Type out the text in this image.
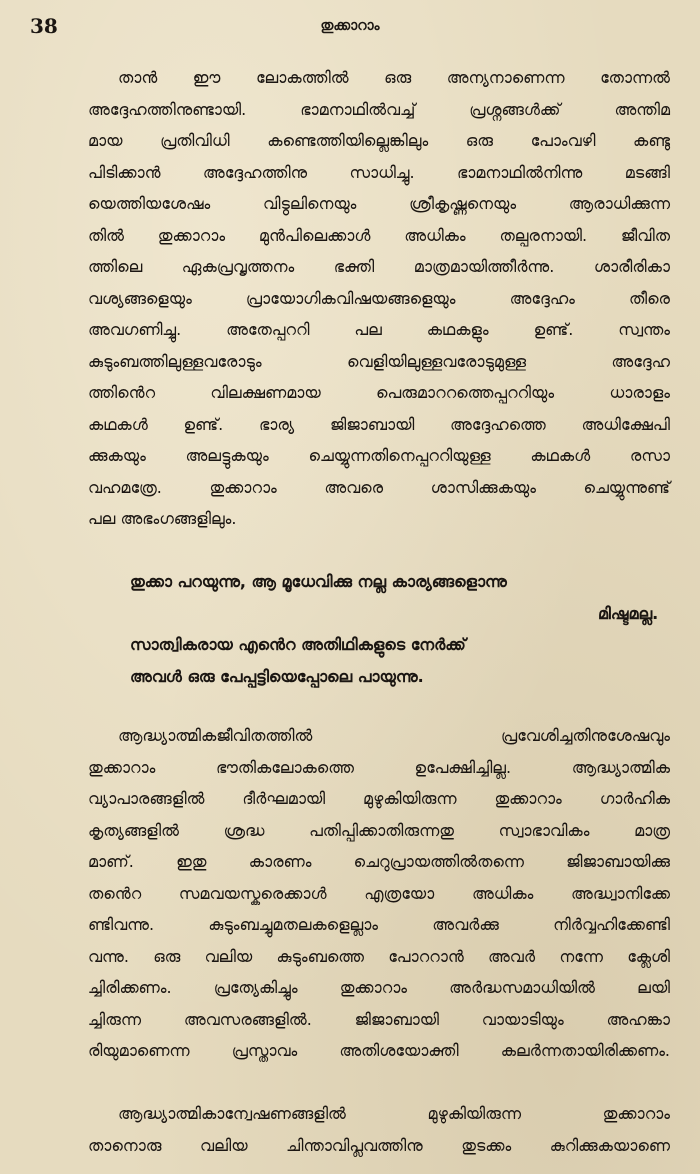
38	തുക്കാറാം
താൻ ഈ ലോകത്തിൽ ഒരു അന്യനാണെന്ന തോന്നൽ
അദ്ദേഹത്തിനുണ്ടായി. ഭാമനാഥിൽവച്ച് പ്രശ്നങ്ങൾക്ക് അന്തിമ
മായ പ്രതിവിധി കണ്ടെത്തിയില്ലെങ്കിലും ഒരു പോംവഴി കണ്ടു
പിടിക്കാൻ അദ്ദേഹത്തിനു സാധിച്ചു. ഭാമനാഥിൽനിന്നു മടങ്ങി
യെത്തിയശേഷം വിട്ഠലിനെയും ശ്രീകൃഷ്ണനെയും ആരാധിക്കുന്ന
തിൽ തുക്കാറാം മുൻപിലെക്കാൾ അധികം തല്പരനായി. ജീവിത
ത്തിലെ ഏകപ്രവൃത്തനം ഭക്തി മാത്രമായിത്തീർന്നു. ശാരീരികാ
വശ്യങ്ങളെയും പ്രായോഗികവിഷയങ്ങളെയും അദ്ദേഹം തീരെ
അവഗണിച്ചു. അതേപ്പററി പല കഥകളും ഉണ്ട്. സ്വന്തം
കുടുംബത്തിലുള്ളവരോടും വെളിയിലുള്ളവരോടുമുള്ള അദ്ദേഹ
ത്തിൻെറ വിലക്ഷണമായ പെരുമാററത്തെപ്പററിയും ധാരാളം
കഥകൾ ഉണ്ട്. ഭാര്യ ജിജാബായി അദ്ദേഹത്തെ അധിക്ഷേപി
ക്കുകയും അലട്ടുകയും ചെയ്യുന്നതിനെപ്പററിയുള്ള കഥകൾ രസാ
വഹമത്രേ. തുക്കാറാം അവരെ ശാസിക്കുകയും ചെയ്യുന്നുണ്ട്
പല അഭംഗങ്ങളിലും.
തുക്കാ പറയുന്നു, ആ മൂധേവിക്കു നല്ല കാര്യങ്ങളൊന്നു
മിഷ്ടമല്ല.
സാത്വികരായ എൻെറ അതിഥികളുടെ നേർക്ക്
അവൾ ഒരു പേപ്പട്ടിയെപ്പോലെ പായുന്നു.
ആദ്ധ്യാത്മികജീവിതത്തിൽ പ്രവേശിച്ചതിനുശേഷവും
തുക്കാറാം ഭൗതികലോകത്തെ ഉപേക്ഷിച്ചില്ല. ആദ്ധ്യാത്മിക
വ്യാപാരങ്ങളിൽ ദീർഘമായി മുഴുകിയിരുന്ന തുക്കാറാം ഗാർഹിക
കൃത്യങ്ങളിൽ ശ്രദ്ധ പതിപ്പിക്കാതിരുന്നതു സ്വാഭാവികം മാത്ര
മാണ്. ഇതു കാരണം ചെറുപ്രായത്തിൽതന്നെ ജിജാബായിക്കു
തൻെറ സമവയസ്കരെക്കാൾ എത്രയോ അധികം അദ്ധ്വാനിക്കേ
ണ്ടിവന്നു. കുടുംബച്ചുമതലകളെല്ലാം അവർക്കു നിർവ്വഹിക്കേണ്ടി
വന്നു. ഒരു വലിയ കുടുംബത്തെ പോററാൻ അവർ നന്നേ ക്ലേശി
ച്ചിരിക്കണം. പ്രത്യേകിച്ചും തുക്കാറാം അർദ്ധസമാധിയിൽ ലയി
ച്ചിരുന്ന അവസരങ്ങളിൽ. ജിജാബായി വായാടിയും അഹങ്കാ
രിയുമാണെന്ന പ്രസ്താവം അതിശയോക്തി കലർന്നതായിരിക്കണം.
ആദ്ധ്യാത്മികാന്വേഷണങ്ങളിൽ മുഴുകിയിരുന്ന തുക്കാറാം
താനൊരു വലിയ ചിന്താവിപ്ലവത്തിനു തുടക്കം കുറിക്കുകയാണെ
